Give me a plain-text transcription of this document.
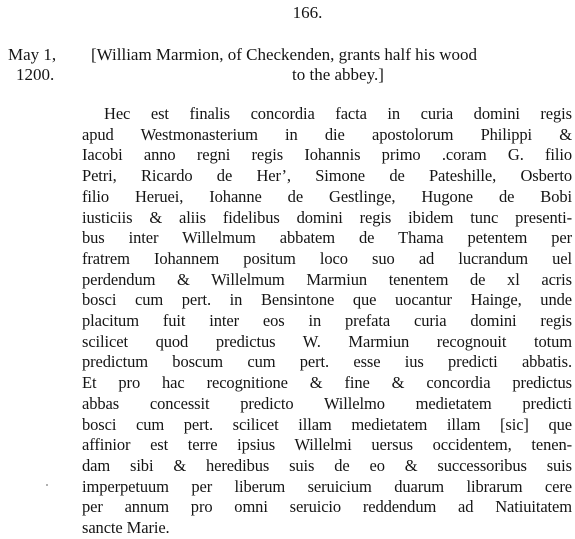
166.
May 1,
1200.
[William Marmion, of Checkenden, grants half his wood
to the abbey.]
Hec est finalis concordia facta in curia domini regis
apud Westmonasterium in die apostolorum Philippi &
Iacobi anno regni regis Iohannis primo .coram G. filio
Petri, Ricardo de Her’, Simone de Pateshille, Osberto
filio Heruei, Iohanne de Gestlinge, Hugone de Bobi
iusticiis & aliis fidelibus domini regis ibidem tunc presenti-
bus inter Willelmum abbatem de Thama petentem per
fratrem Iohannem positum loco suo ad lucrandum uel
perdendum & Willelmum Marmiun tenentem de xl acris
bosci cum pert. in Bensintone que uocantur Hainge, unde
placitum fuit inter eos in prefata curia domini regis
scilicet quod predictus W. Marmiun recognouit totum
predictum boscum cum pert. esse ius predicti abbatis.
Et pro hac recognitione & fine & concordia predictus
abbas concessit predicto Willelmo medietatem predicti
bosci cum pert. scilicet illam medietatem illam [sic] que
affinior est terre ipsius Willelmi uersus occidentem, tenen-
dam sibi & heredibus suis de eo & successoribus suis
imperpetuum per liberum seruicium duarum librarum cere
per annum pro omni seruicio reddendum ad Natiuitatem
sancte Marie.
